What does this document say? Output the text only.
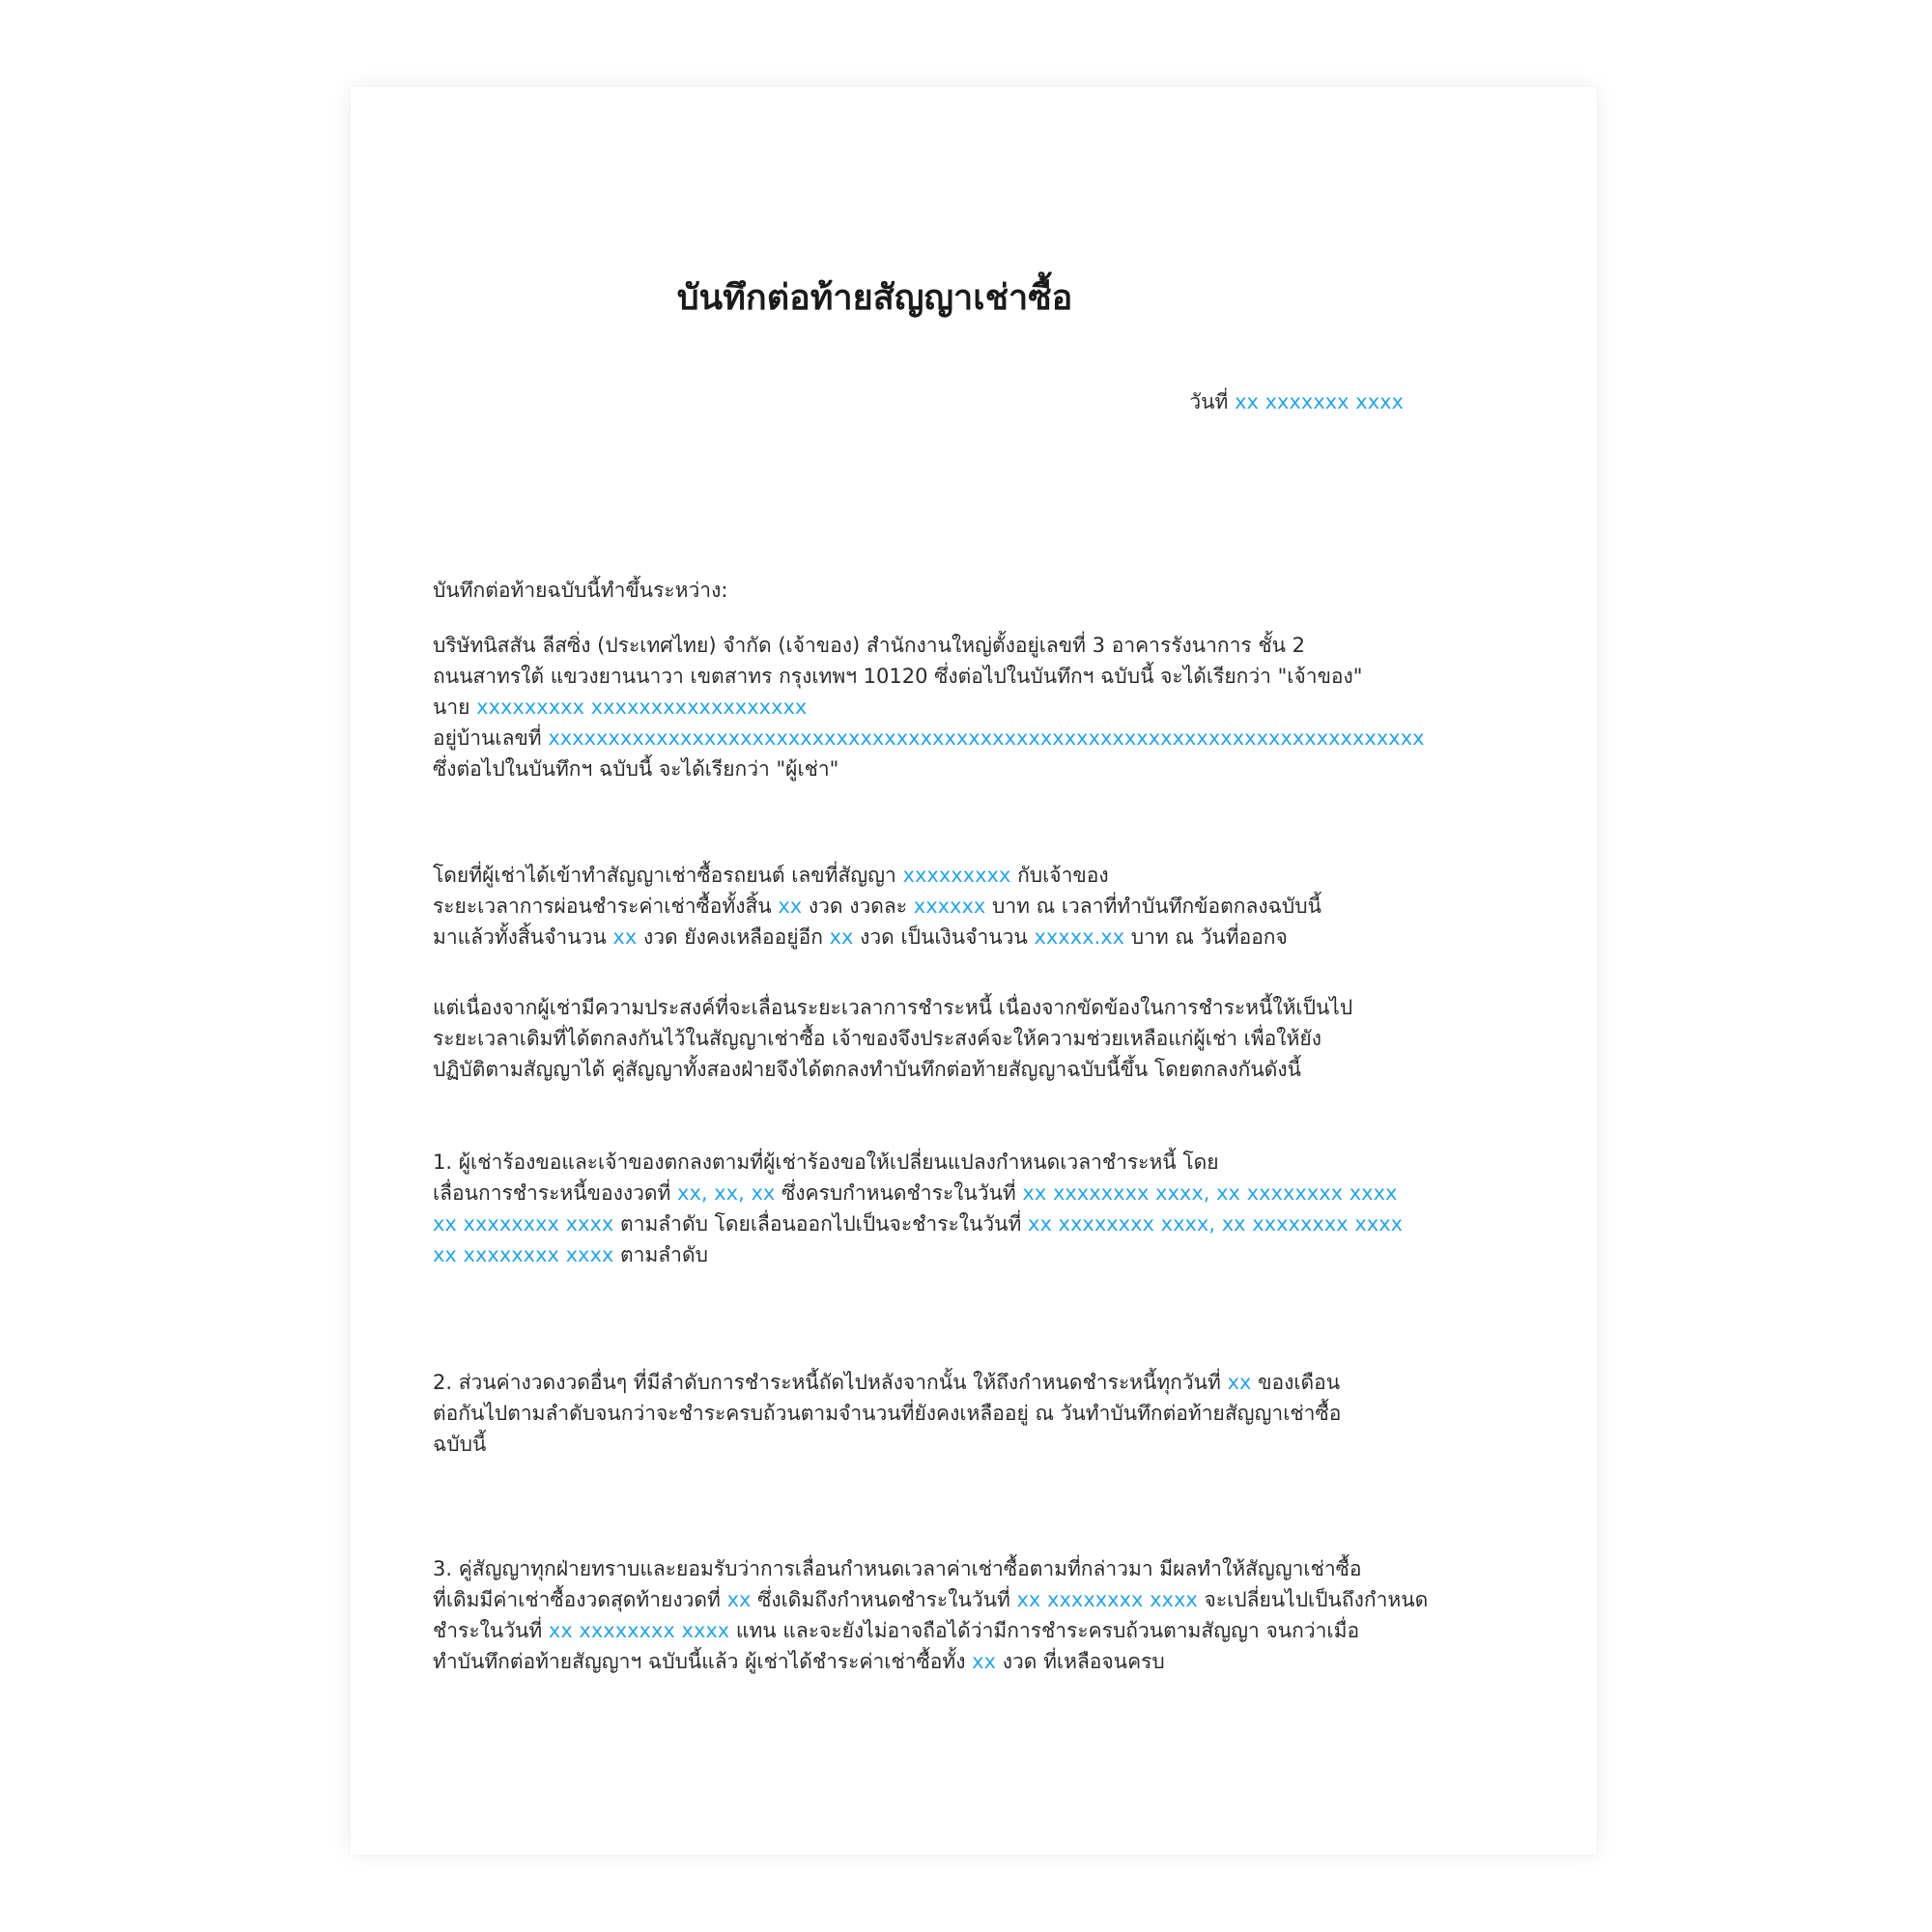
บันทึกต่อท้ายสัญญาเช่าซื้อ
วันที่ xx xxxxxxx xxxx
บันทึกต่อท้ายฉบับนี้ทำขึ้นระหว่าง:
บริษัทนิสสัน ลีสซิ่ง (ประเทศไทย) จำกัด (เจ้าของ) สำนักงานใหญ่ตั้งอยู่เลขที่ 3 อาคารรังนาการ ชั้น 2
ถนนสาทรใต้ แขวงยานนาวา เขตสาทร กรุงเทพฯ 10120 ซึ่งต่อไปในบันทึกฯ ฉบับนี้ จะได้เรียกว่า "เจ้าของ"
นาย xxxxxxxxx xxxxxxxxxxxxxxxxxx
อยู่บ้านเลขที่ xxxxxxxxxxxxxxxxxxxxxxxxxxxxxxxxxxxxxxxxxxxxxxxxxxxxxxxxxxxxxxxxxxxxxxxxx
ซึ่งต่อไปในบันทึกฯ ฉบับนี้ จะได้เรียกว่า "ผู้เช่า"
โดยที่ผู้เช่าได้เข้าทำสัญญาเช่าซื้อรถยนต์ เลขที่สัญญา xxxxxxxxx กับเจ้าของ
ระยะเวลาการผ่อนชำระค่าเช่าซื้อทั้งสิ้น xx งวด งวดละ xxxxxx บาท ณ เวลาที่ทำบันทึกข้อตกลงฉบับนี้
มาแล้วทั้งสิ้นจำนวน xx งวด ยังคงเหลืออยู่อีก xx งวด เป็นเงินจำนวน xxxxx.xx บาท ณ วันที่ออกจ
แต่เนื่องจากผู้เช่ามีความประสงค์ที่จะเลื่อนระยะเวลาการชำระหนี้ เนื่องจากขัดข้องในการชำระหนี้ให้เป็นไป
ระยะเวลาเดิมที่ได้ตกลงกันไว้ในสัญญาเช่าซื้อ เจ้าของจึงประสงค์จะให้ความช่วยเหลือแก่ผู้เช่า เพื่อให้ยัง
ปฏิบัติตามสัญญาได้ คู่สัญญาทั้งสองฝ่ายจึงได้ตกลงทำบันทึกต่อท้ายสัญญาฉบับนี้ขึ้น โดยตกลงกันดังนี้
1. ผู้เช่าร้องขอและเจ้าของตกลงตามที่ผู้เช่าร้องขอให้เปลี่ยนแปลงกำหนดเวลาชำระหนี้ โดย
เลื่อนการชำระหนี้ของงวดที่ xx, xx, xx ซึ่งครบกำหนดชำระในวันที่ xx xxxxxxxx xxxx, xx xxxxxxxx xxxx
xx xxxxxxxx xxxx ตามลำดับ โดยเลื่อนออกไปเป็นจะชำระในวันที่ xx xxxxxxxx xxxx, xx xxxxxxxx xxxx
xx xxxxxxxx xxxx ตามลำดับ
2. ส่วนค่างวดงวดอื่นๆ ที่มีลำดับการชำระหนี้ถัดไปหลังจากนั้น ให้ถึงกำหนดชำระหนี้ทุกวันที่ xx ของเดือน
ต่อกันไปตามลำดับจนกว่าจะชำระครบถ้วนตามจำนวนที่ยังคงเหลืออยู่ ณ วันทำบันทึกต่อท้ายสัญญาเช่าซื้อ
ฉบับนี้
3. คู่สัญญาทุกฝ่ายทราบและยอมรับว่าการเลื่อนกำหนดเวลาค่าเช่าซื้อตามที่กล่าวมา มีผลทำให้สัญญาเช่าซื้อ
ที่เดิมมีค่าเช่าซื้องวดสุดท้ายงวดที่ xx ซึ่งเดิมถึงกำหนดชำระในวันที่ xx xxxxxxxx xxxx จะเปลี่ยนไปเป็นถึงกำหนด
ชำระในวันที่ xx xxxxxxxx xxxx แทน และจะยังไม่อาจถือได้ว่ามีการชำระครบถ้วนตามสัญญา จนกว่าเมื่อ
ทำบันทึกต่อท้ายสัญญาฯ ฉบับนี้แล้ว ผู้เช่าได้ชำระค่าเช่าซื้อทั้ง xx งวด ที่เหลือจนครบ
